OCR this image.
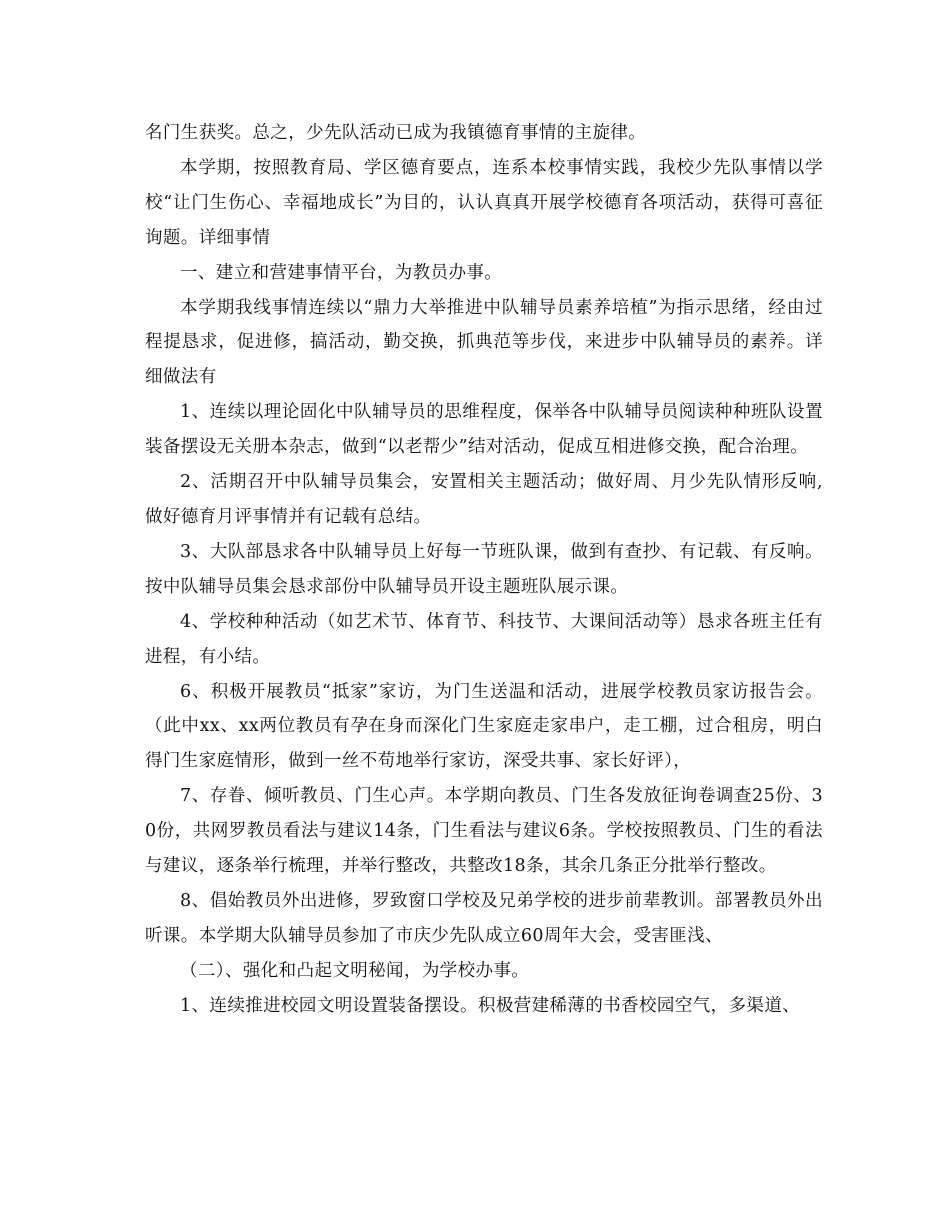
名门生获奖。总之，少先队活动已成为我镇德育事情的主旋律。

本学期，按照教育局、学区德育要点，连系本校事情实践，我校少先队事情以学校“让门生伤心、幸福地成长”为目的，认认真真开展学校德育各项活动，获得可喜征询题。详细事情

一、建立和营建事情平台，为教员办事。

本学期我线事情连续以“鼎力大举推进中队辅导员素养培植”为指示思绪，经由过程提恳求，促进修，搞活动，勤交换，抓典范等步伐，来进步中队辅导员的素养。详细做法有

1、连续以理论固化中队辅导员的思维程度，保举各中队辅导员阅读种种班队设置装备摆设无关册本杂志，做到“以老帮少”结对活动，促成互相进修交换，配合治理。

2、活期召开中队辅导员集会，安置相关主题活动；做好周、月少先队情形反响,做好德育月评事情并有记载有总结。

3、大队部恳求各中队辅导员上好每一节班队课，做到有查抄、有记载、有反响。按中队辅导员集会恳求部份中队辅导员开设主题班队展示课。

4、学校种种活动（如艺术节、体育节、科技节、大课间活动等）恳求各班主任有进程，有小结。

6、积极开展教员“抵家”家访，为门生送温和活动，进展学校教员家访报告会。（此中xx、xx两位教员有孕在身而深化门生家庭走家串户，走工棚，过合租房，明白得门生家庭情形，做到一丝不苟地举行家访，深受共事、家长好评），

7、存眷、倾听教员、门生心声。本学期向教员、门生各发放征询卷调查25份、30份，共网罗教员看法与建议14条，门生看法与建议6条。学校按照教员、门生的看法与建议，逐条举行梳理，并举行整改，共整改18条，其余几条正分批举行整改。

8、倡始教员外出进修，罗致窗口学校及兄弟学校的进步前辈教训。部署教员外出听课。本学期大队辅导员参加了市庆少先队成立60周年大会，受害匪浅、

（二）、强化和凸起文明秘闻，为学校办事。

1、连续推进校园文明设置装备摆设。积极营建稀薄的书香校园空气，多渠道、
